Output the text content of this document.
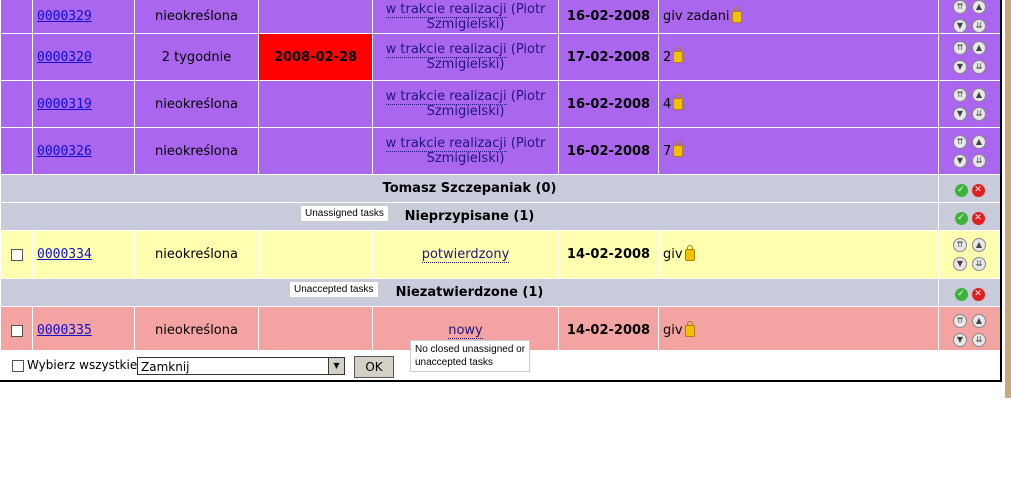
	0000329	nieokreślona		w trakcie realizacji (Piotr Szmigielski)	16-02-2008	giv zadani	⇈ ▲
▼ ⇊

	0000320	2 tygodnie	2008-02-28	w trakcie realizacji (Piotr Szmigielski)	17-02-2008	2	⇈ ▲
▼ ⇊

	0000319	nieokreślona		w trakcie realizacji (Piotr Szmigielski)	16-02-2008	4	⇈ ▲
▼ ⇊

	0000326	nieokreślona		w trakcie realizacji (Piotr Szmigielski)	16-02-2008	7	⇈ ▲
▼ ⇊

Tomasz Szczepaniak (0)							✓ ✕
Nieprzypisane (1)							✓ ✕
	0000334	nieokreślona		potwierdzony	14-02-2008	giv	⇈ ▲
▼ ⇊

Niezatwierdzone (1)							✓ ✕
	0000335	nieokreślona		nowy	14-02-2008	giv	⇈ ▲
▼ ⇊
Wybierz wszystkie Zamknij	▼	OK
Unassigned tasks
Unaccepted tasks
No closed unassigned or
unaccepted tasks
